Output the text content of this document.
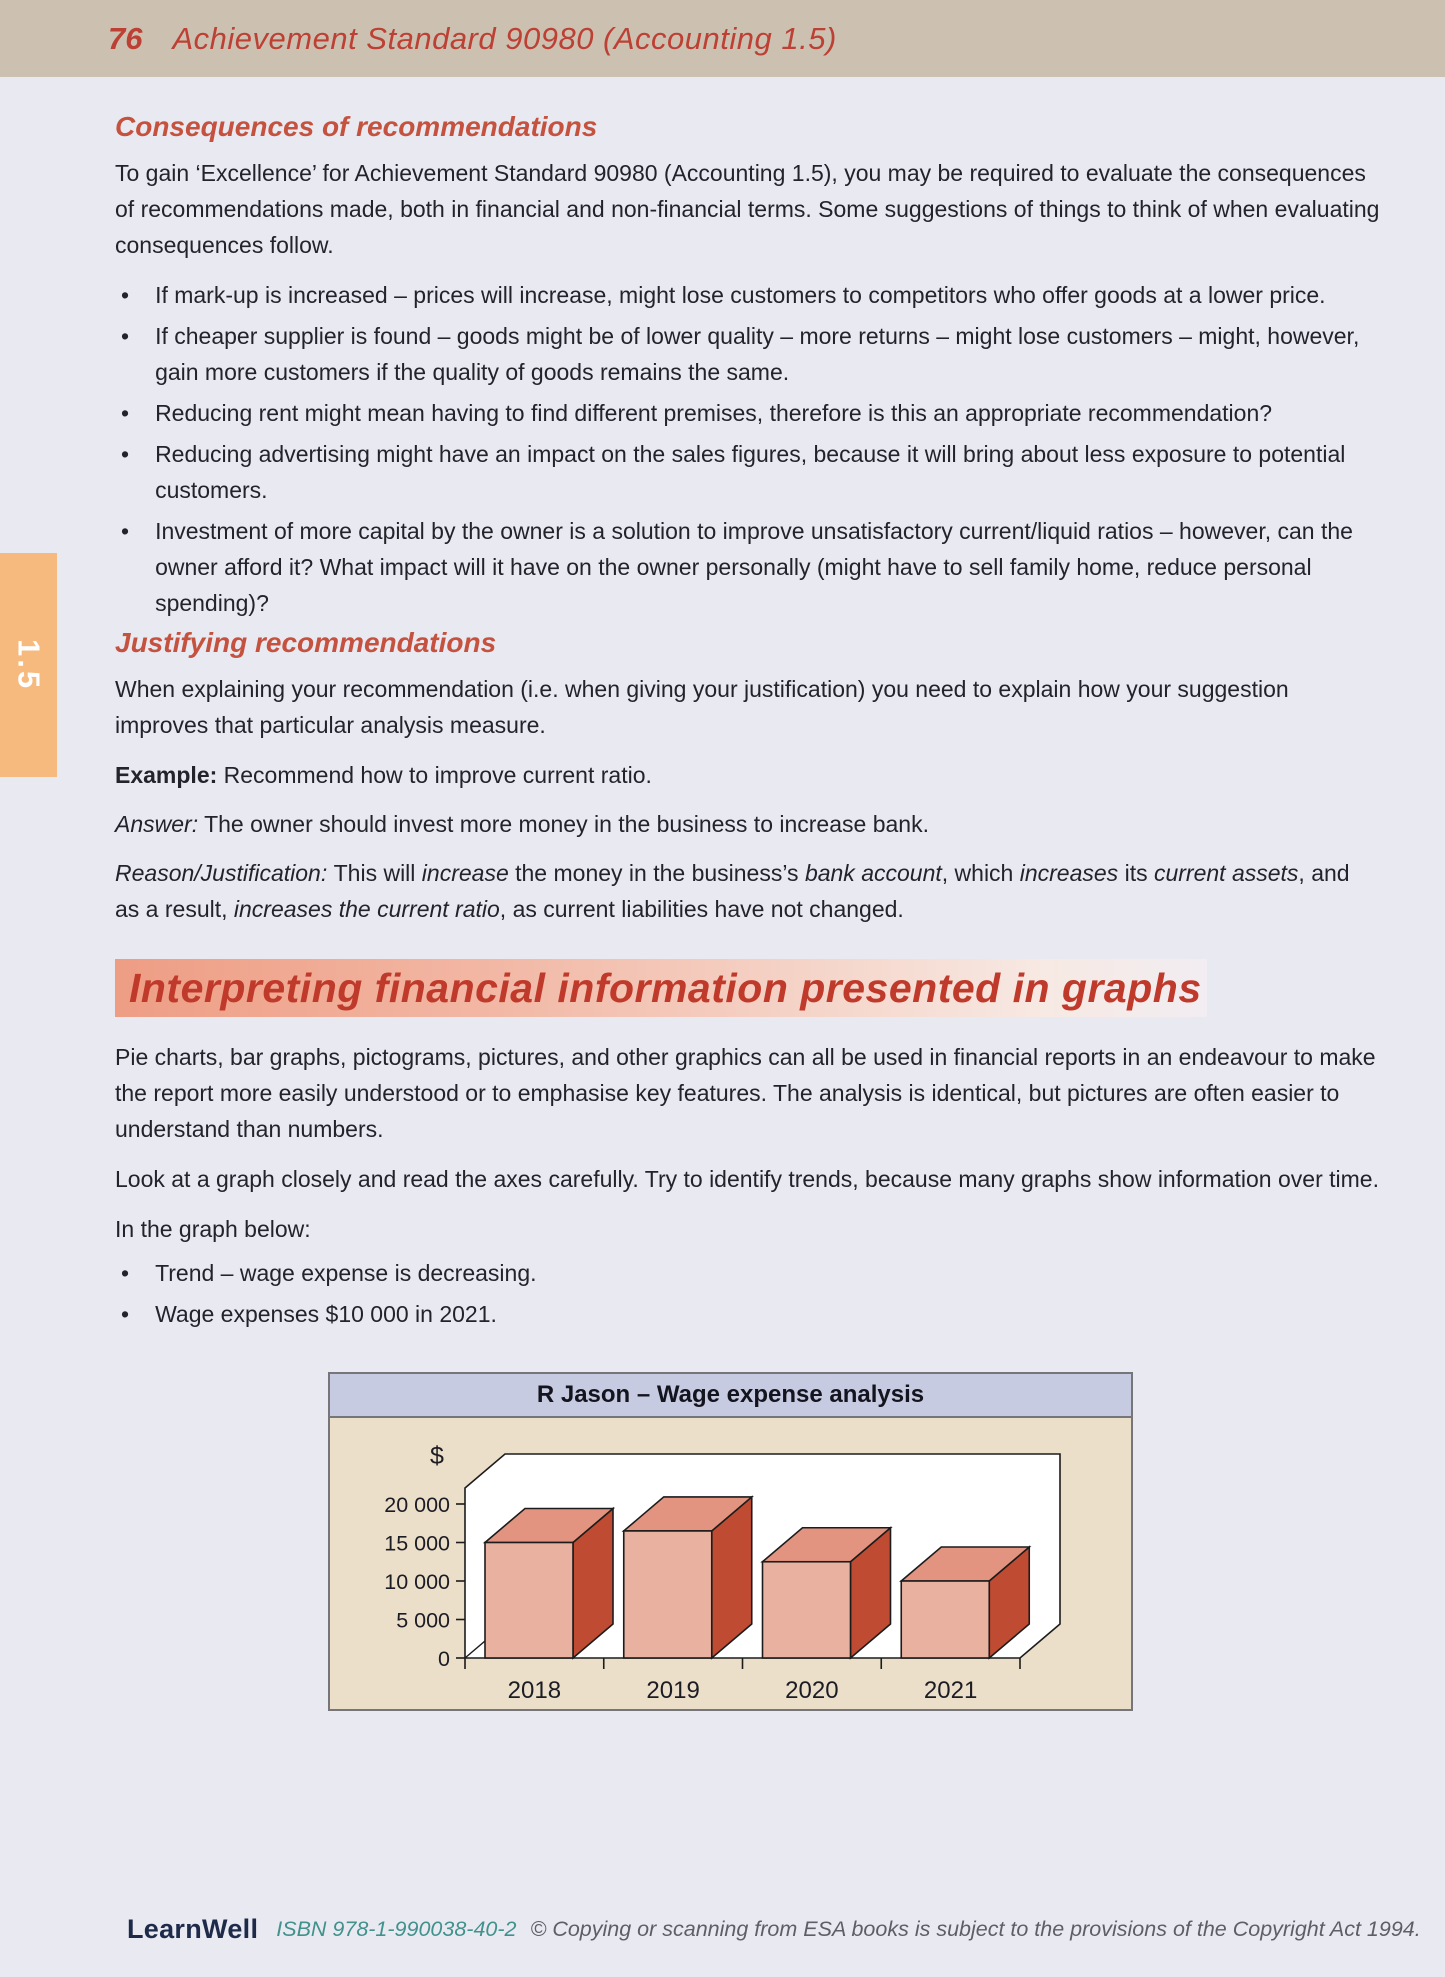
76 Achievement Standard 90980 (Accounting 1.5)
1.5
Consequences of recommendations

To gain ‘Excellence’ for Achievement Standard 90980 (Accounting 1.5), you may be required to evaluate the consequences of recommendations made, both in financial and non-financial terms. Some suggestions of things to think of when evaluating consequences follow.

• If mark-up is increased – prices will increase, might lose customers to competitors who offer goods at a lower price.
• If cheaper supplier is found – goods might be of lower quality – more returns – might lose customers – might, however, gain more customers if the quality of goods remains the same.
• Reducing rent might mean having to find different premises, therefore is this an appropriate recommendation?
• Reducing advertising might have an impact on the sales figures, because it will bring about less exposure to potential customers.
• Investment of more capital by the owner is a solution to improve unsatisfactory current/liquid ratios – however, can the owner afford it? What impact will it have on the owner personally (might have to sell family home, reduce personal spending)?
Justifying recommendations

When explaining your recommendation (i.e. when giving your justification) you need to explain how your suggestion improves that particular analysis measure.

Example: Recommend how to improve current ratio.

Answer: The owner should invest more money in the business to increase bank.

Reason/Justification: This will increase the money in the business’s bank account, which increases its current assets, and as a result, increases the current ratio, as current liabilities have not changed.

Interpreting financial information presented in graphs

Pie charts, bar graphs, pictograms, pictures, and other graphics can all be used in financial reports in an endeavour to make the report more easily understood or to emphasise key features. The analysis is identical, but pictures are often easier to understand than numbers.

Look at a graph closely and read the axes carefully. Try to identify trends, because many graphs show information over time.

In the graph below:

• Trend – wage expense is decreasing.
• Wage expenses $10 000 in 2021.
R Jason – Wage expense analysis
0
5 000
10 000
15 000
20 000
$
2018	2019	2020	2021
LearnWell ISBN 978-1-990038-40-2 © Copying or scanning from ESA books is subject to the provisions of the Copyright Act 1994.
